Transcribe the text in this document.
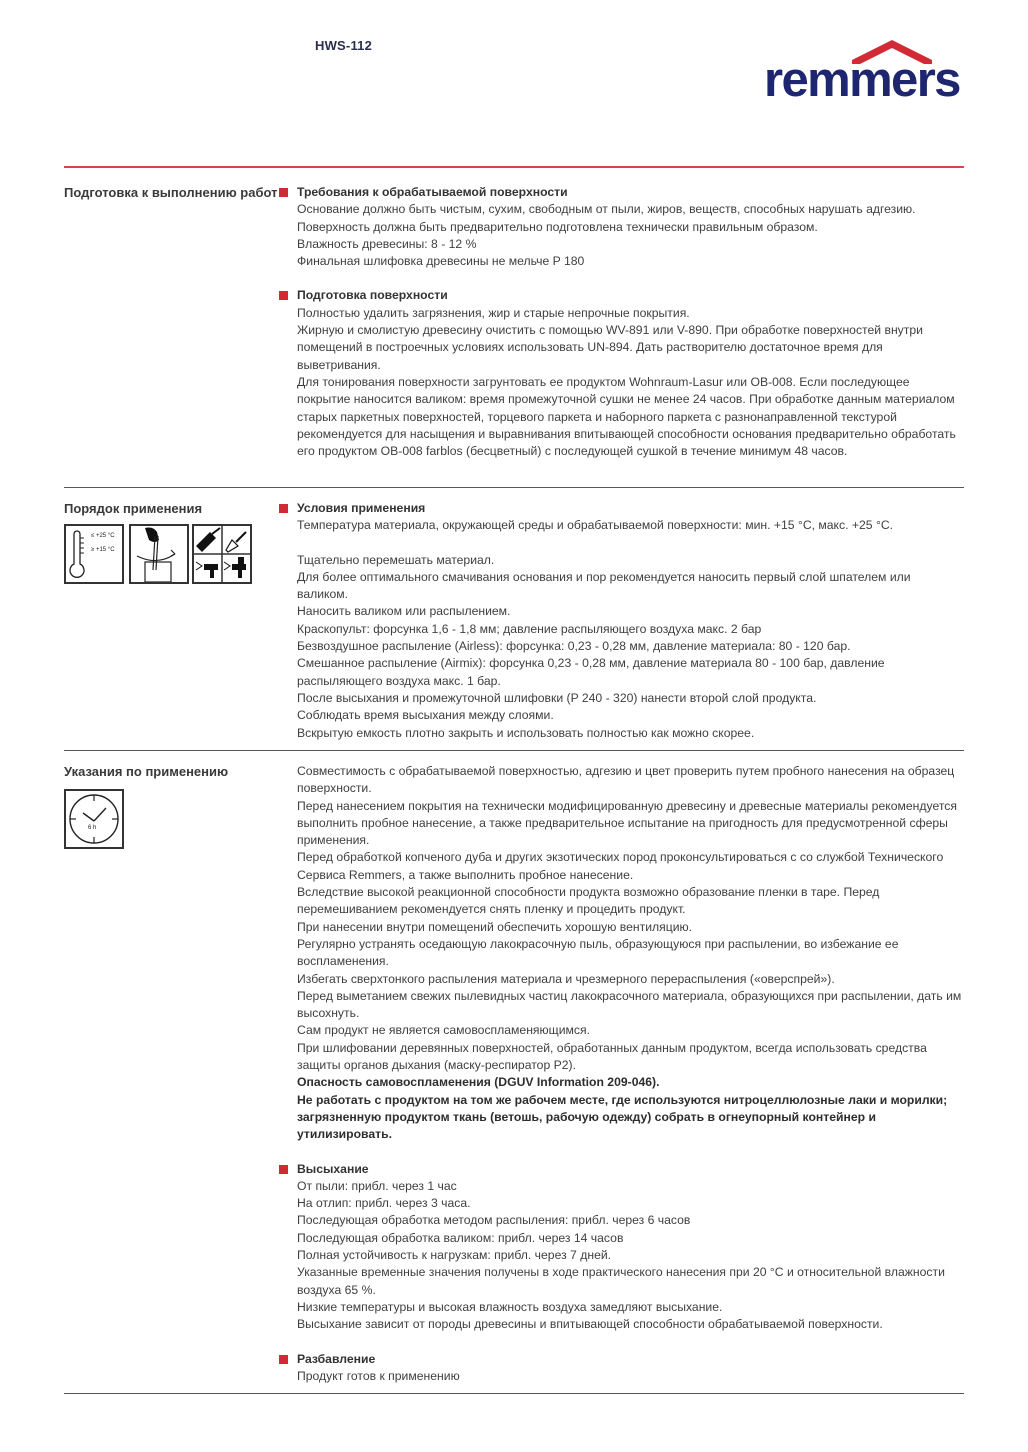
HWS-112
remmers
Подготовка к выполнению работ	Требования к обрабатываемой поверхности

Основание должно быть чистым, сухим, свободным от пыли, жиров, веществ, способных нарушать адгезию. Поверхность должна быть предварительно подготовлена технически правильным образом.

Влажность древесины: 8 - 12 %

Финальная шлифовка древесины не мельче P 180

Подготовка поверхности

Полностью удалить загрязнения, жир и старые непрочные покрытия.

Жирную и смолистую древесину очистить с помощью WV-891 или V-890. При обработке поверхностей внутри помещений в построечных условиях использовать UN-894. Дать растворителю достаточное время для выветривания.

Для тонирования поверхности загрунтовать ее продуктом Wohnraum-Lasur или OB-008. Если последующее покрытие наносится валиком: время промежуточной сушки не менее 24 часов. При обработке данным материалом старых паркетных поверхностей, торцевого паркета и наборного паркета с разнонаправленной текстурой рекомендуется для насыщения и выравнивания впитывающей способности основания предварительно обработать его продуктом OB-008 farblos (бесцветный) с последующей сушкой в течение минимум 48 часов.

Порядок применения
≤ +25 °C
≥ +15 °C
Условия применения

Температура материала, окружающей среды и обрабатываемой поверхности: мин. +15 °C, макс. +25 °C.

Тщательно перемешать материал.

Для более оптимального смачивания основания и пор рекомендуется наносить первый слой шпателем или валиком.

Наносить валиком или распылением.

Краскопульт: форсунка 1,6 - 1,8 мм; давление распыляющего воздуха макс. 2 бар

Безвоздушное распыление (Airless): форсунка: 0,23 - 0,28 мм, давление материала: 80 - 120 бар.

Смешанное распыление (Airmix): форсунка 0,23 - 0,28 мм, давление материала 80 - 100 бар, давление распыляющего воздуха макс. 1 бар.

После высыхания и промежуточной шлифовки (P 240 - 320) нанести второй слой продукта.

Соблюдать время высыхания между слоями.

Вскрытую емкость плотно закрыть и использовать полностью как можно скорее.

Указания по применению
6 h

Совместимость с обрабатываемой поверхностью, адгезию и цвет проверить путем пробного нанесения на образец поверхности.

Перед нанесением покрытия на технически модифицированную древесину и древесные материалы рекомендуется выполнить пробное нанесение, а также предварительное испытание на пригодность для предусмотренной сферы применения.

Перед обработкой копченого дуба и других экзотических пород проконсультироваться с со службой Технического Сервиса Remmers, а также выполнить пробное нанесение.

Вследствие высокой реакционной способности продукта возможно образование пленки в таре. Перед перемешиванием рекомендуется снять пленку и процедить продукт.

При нанесении внутри помещений обеспечить хорошую вентиляцию.

Регулярно устранять оседающую лакокрасочную пыль, образующуюся при распылении, во избежание ее воспламенения.

Избегать сверхтонкого распыления материала и чрезмерного перераспыления («оверспрей»).

Перед выметанием свежих пылевидных частиц лакокрасочного материала, образующихся при распылении, дать им высохнуть.

Сам продукт не является самовоспламеняющимся.

При шлифовании деревянных поверхностей, обработанных данным продуктом, всегда использовать средства защиты органов дыхания (маску-респиратор P2).

Опасность самовоспламенения (DGUV Information 209-046).

Не работать с продуктом на том же рабочем месте, где используются нитроцеллюлозные лаки и морилки; загрязненную продуктом ткань (ветошь, рабочую одежду) собрать в огнеупорный контейнер и утилизировать.

Высыхание

От пыли: прибл. через 1 час

На отлип: прибл. через 3 часа.

Последующая обработка методом распыления: прибл. через 6 часов

Последующая обработка валиком: прибл. через 14 часов

Полная устойчивость к нагрузкам: прибл. через 7 дней.

Указанные временные значения получены в ходе практического нанесения при 20 °C и относительной влажности воздуха 65 %.

Низкие температуры и высокая влажность воздуха замедляют высыхание.

Высыхание зависит от породы древесины и впитывающей способности обрабатываемой поверхности.

Разбавление

Продукт готов к применению
